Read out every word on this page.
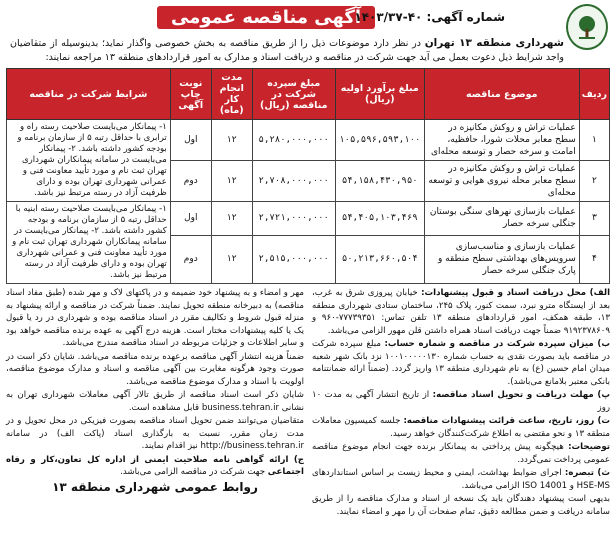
آگهی مناقصه عمومی
شماره آگهی: ۴۰-۱۴۰۳/۳۷
شهرداری منطقه ۱۳ تهران در نظر دارد موضوعات ذیل را از طریق مناقصه به بخش خصوصی واگذار نماید؛ بدینوسیله از متقاضیان واجد شرایط ذیل دعوت بعمل می آید جهت شرکت در مناقصه و دریافت اسناد و مدارک به امور قراردادهای منطقه ۱۳ مراجعه نمایند:
ردیف	موضوع مناقصه	مبلغ برآورد اولیه (ریال)	مبلغ سپرده شرکت در مناقصه (ریال)	مدت انجام کار (ماه)	نوبت چاپ آگهی	شرایط شرکت در مناقصه
۱	عملیات تراش و روکش مکانیزه در سطح معابر محلات شورا، حافظیه، امامت و سرخه حصار و توسعه محله‌ای	۱۰۵,۵۹۶,۵۹۳,۱۰۰	۵,۲۸۰,۰۰۰,۰۰۰	۱۲	اول	۱- پیمانکار می‌بایست صلاحیت رسته راه و ترابری با حداقل رتبه ۵ از سازمان برنامه و بودجه کشور داشته باشد. ۲- پیمانکار می‌بایست در سامانه پیمانکاران شهرداری تهران ثبت نام و مورد تأیید معاونت فنی و عمرانی شهرداری تهران بوده و دارای ظرفیت آزاد در رسته مرتبط نیز باشد.
۲	عملیات تراش و روکش مکانیزه در سطح معابر محله نیروی هوایی و توسعه محله‌ای	۵۴,۱۵۸,۴۳۰,۹۵۰	۲,۷۰۸,۰۰۰,۰۰۰	۱۲	دوم	
۳	عملیات بازسازی نهرهای سنگی بوستان جنگلی سرخه حصار	۵۴,۴۰۵,۱۰۳,۴۶۹	۲,۷۲۱,۰۰۰,۰۰۰	۱۲	اول	۱- پیمانکار می‌بایست صلاحیت رسته ابنیه با حداقل رتبه ۵ از سازمان برنامه و بودجه کشور داشته باشد. ۲- پیمانکار می‌بایست در سامانه پیمانکاران شهرداری تهران ثبت نام و مورد تأیید معاونت فنی و عمرانی شهرداری تهران بوده و دارای ظرفیت آزاد در رسته مرتبط نیز باشد.
۴	عملیات بازسازی و مناسب‌سازی سرویس‌های بهداشتی سطح منطقه و پارک جنگلی سرخه حصار	۵۰,۲۱۳,۶۶۰,۵۰۴	۲,۵۱۵,۰۰۰,۰۰۰	۱۲	دوم	

الف) محل دریافت اسناد و قبول پیشنهادات: خیابان پیروزی شرق به غرب، بعد از ایستگاه مترو نبرد، سمت کنور، پلاک ۲۴۵، ساختمان ستادی شهرداری منطقه ۱۳، طبقه همکف، امور قراردادهای منطقه ۱۳ تلفن تماس: ۷۷۷۳۹۳۵۱-۹۶۰ و ۹۱۹۲۳۷۸۶۰۹ ضمناً جهت دریافت اسناد همراه داشتن قلن مهور الزامی می‌باشد.

ب) میزان سپرده شرکت در مناقصه و شماره حساب: مبلغ سپرده شرکت در مناقصه باید بصورت نقدی به حساب شماره ۱۰۰۱۰۰۰۰۰۱۳۰ نزد بانک شهر شعبه میدان امام حسین (ع) به نام شهرداری منطقه ۱۳ واریز گردد. (ضمناً ارائه ضمانتنامه بانکی معتبر بلامانع می‌باشد).

پ) مهلت دریافت و تحویل اسناد مناقصه: از تاریخ انتشار آگهی به مدت ۱۰ روز

ت) روز، تاریخ، ساعت قرائت پیشنهادات مناقصه: جلسه کمیسیون معاملات منطقه ۱۳ و نحو مقتضی به اطلاع شرکت‌کنندگان خواهد رسید.

توضیحات: هیچگونه پیش پرداختی به پیمانکار برنده جهت انجام موضوع مناقصه عمومی پرداخت نمی‌گردد.

ث) تبصره: اجرای ضوابط بهداشت، ایمنی و محیط زیست بر اساس استانداردهای HSE-MS و ISO 14001 الزامی می‌باشد.

بدیهی است پیشنهاد دهندگان باید یک نسخه از اسناد و مدارک مناقصه را از طریق سامانه دریافت و ضمن مطالعه دقیق، تمام صفحات آن را مهر و امضاء نمایند.

مهر و امضاء و به پیشنهاد خود ضمیمه و در پاکتهای لاک و مهر شده (طبق مفاد اسناد مناقصه) به دبیرخانه منطقه تحویل نمایند. ضمناً شرکت در مناقصه و ارائه پیشنهاد به منزله قبول شروط و تکالیف مقرر در اسناد مناقصه بوده و شهرداری در رد یا قبول یک یا کلیه پیشنهادات مختار است. هزینه درج آگهی به عهده برنده مناقصه خواهد بود و سایر اطلاعات و جزئیات مربوطه در اسناد مناقصه مندرج می‌باشد.

ضمناً هزینه انتشار آگهی مناقصه برعهده برنده مناقصه می‌باشد. شایان ذکر است در صورت وجود هرگونه مغایرت بین آگهی مناقصه و اسناد و مدارک موضوع مناقصه، اولویت با اسناد و مدارک موضوع مناقصه می‌باشد.

شایان ذکر است اسناد مناقصه از طریق تالار آگهی معاملات شهرداری تهران به نشانی business.tehran.ir قابل مشاهده است.

متقاضیان می‌توانند ضمن تحویل اسناد مناقصه بصورت فیزیکی در محل تحویل و در مدت زمان مقرر، نسبت به بارگذاری اسناد (پاکت الف) در سامانه http://business.tehran.ir نیز اقدام نمایند.

ج) ارائه گواهی نامه صلاحیت ایمنی از اداره کل تعاون،کار و رفاه اجتماعی جهت شرکت در مناقصه الزامی می‌باشد.

روابط عمومی شهرداری منطقه ۱۳
